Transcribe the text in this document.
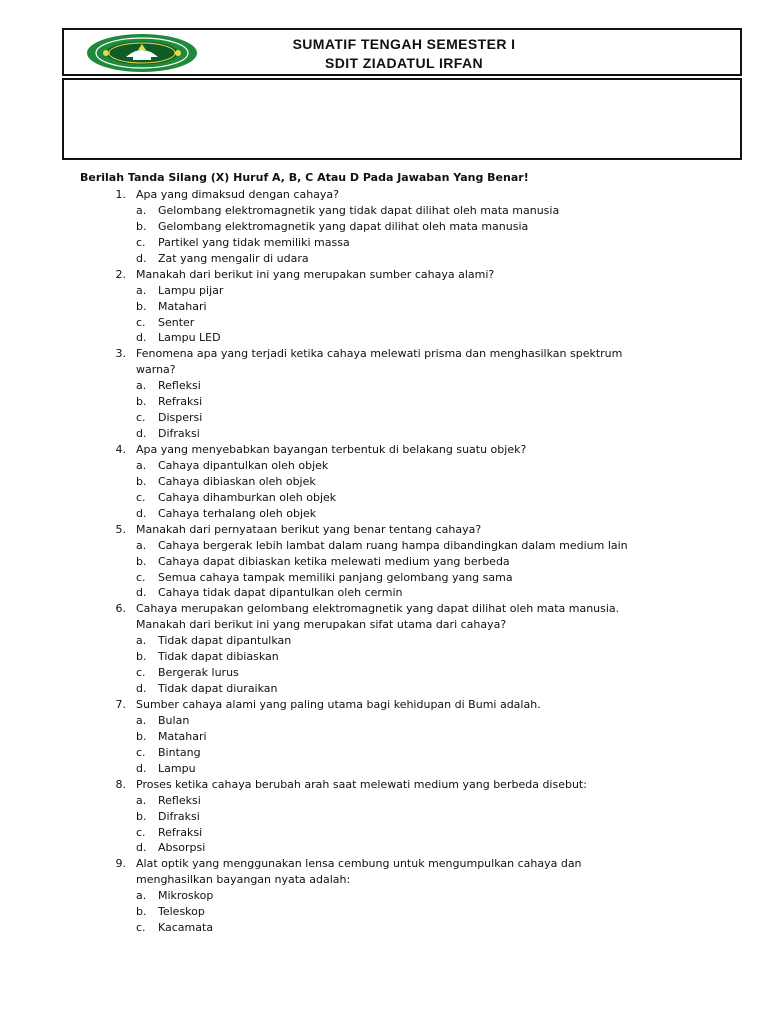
SUMATIF TENGAH SEMESTER I
SDIT ZIADATUL IRFAN
Berilah Tanda Silang (X) Huruf A, B, C Atau D Pada Jawaban Yang Benar!
1. Apa yang dimaksud dengan cahaya?
a. Gelombang elektromagnetik yang tidak dapat dilihat oleh mata manusia
b. Gelombang elektromagnetik yang dapat dilihat oleh mata manusia
c. Partikel yang tidak memiliki massa
d. Zat yang mengalir di udara
2. Manakah dari berikut ini yang merupakan sumber cahaya alami?
a. Lampu pijar
b. Matahari
c. Senter
d. Lampu LED
3. Fenomena apa yang terjadi ketika cahaya melewati prisma dan menghasilkan spektrum
warna?
a. Refleksi
b. Refraksi
c. Dispersi
d. Difraksi
4. Apa yang menyebabkan bayangan terbentuk di belakang suatu objek?
a. Cahaya dipantulkan oleh objek
b. Cahaya dibiaskan oleh objek
c. Cahaya dihamburkan oleh objek
d. Cahaya terhalang oleh objek
5. Manakah dari pernyataan berikut yang benar tentang cahaya?
a. Cahaya bergerak lebih lambat dalam ruang hampa dibandingkan dalam medium lain
b. Cahaya dapat dibiaskan ketika melewati medium yang berbeda
c. Semua cahaya tampak memiliki panjang gelombang yang sama
d. Cahaya tidak dapat dipantulkan oleh cermin
6. Cahaya merupakan gelombang elektromagnetik yang dapat dilihat oleh mata manusia.
Manakah dari berikut ini yang merupakan sifat utama dari cahaya?
a. Tidak dapat dipantulkan
b. Tidak dapat dibiaskan
c. Bergerak lurus
d. Tidak dapat diuraikan
7. Sumber cahaya alami yang paling utama bagi kehidupan di Bumi adalah.
a. Bulan
b. Matahari
c. Bintang
d. Lampu
8. Proses ketika cahaya berubah arah saat melewati medium yang berbeda disebut:
a. Refleksi
b. Difraksi
c. Refraksi
d. Absorpsi
9. Alat optik yang menggunakan lensa cembung untuk mengumpulkan cahaya dan
menghasilkan bayangan nyata adalah:
a. Mikroskop
b. Teleskop
c. Kacamata
